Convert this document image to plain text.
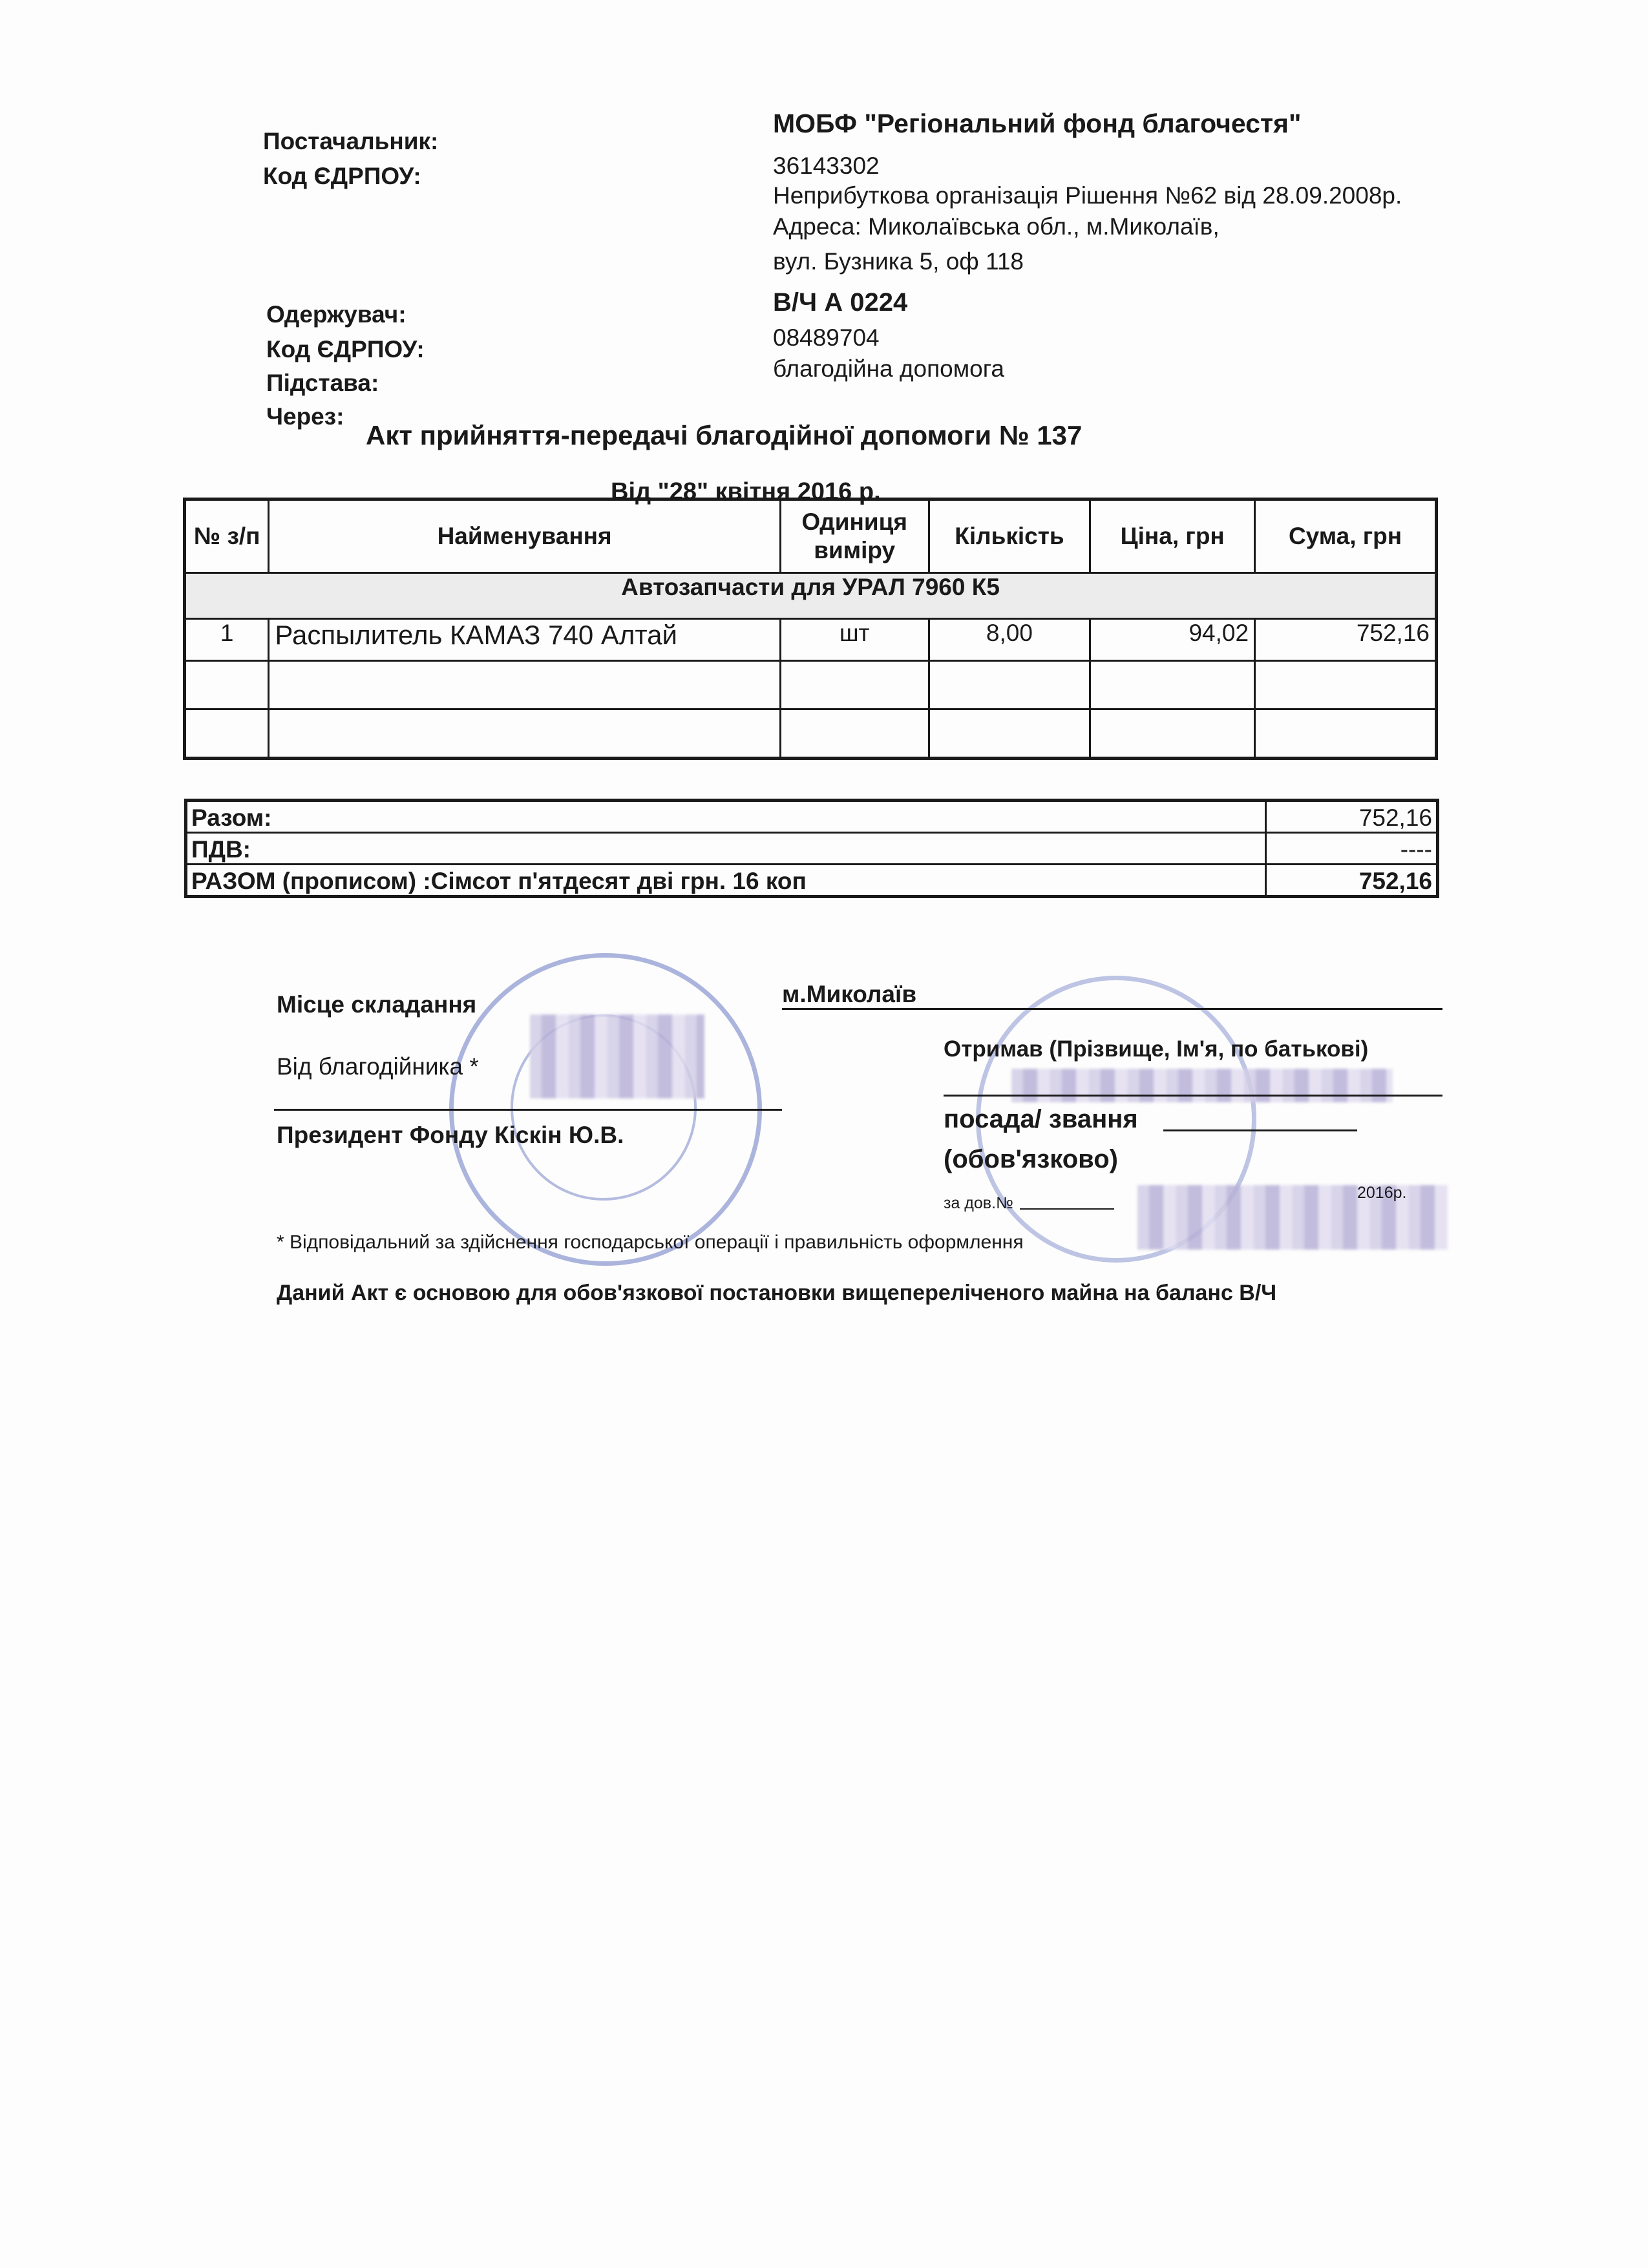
Постачальник:
МОБФ "Регіональний фонд благочестя"
Код ЄДРПОУ:	36143302
Неприбуткова організація Рішення №62 від 28.09.2008р.
Адреса: Миколаївська обл., м.Миколаїв,
вул. Бузника 5, оф 118
Одержувач:	В/Ч А 0224
Код ЄДРПОУ:	08489704
Підстава:
благодійна допомога
Через:
Акт прийняття-передачі благодійної допомоги № 137
Від "28" квітня 2016 р.
№ з/п	Найменування	Одиниця виміру	Кількість	Ціна, грн	Сума, грн
Автозапчасти для УРАЛ 7960 К5					
1	Распылитель КАМАЗ 740 Алтай	шт	8,00	94,02	752,16

Разом:	752,16
ПДВ:	----
РАЗОМ (прописом) :Сімсот п'ятдесят дві грн. 16 коп	752,16
Місце складання	м.Миколаїв
Від благодійника *
Отримав (Прізвище, Ім'я, по батькові)
Президент Фонду Кіскін Ю.В.
посада/ звання
(обов'язково)
за дов.№
2016р.
* Відповідальний за здійснення господарської операції і правильність оформлення
Даний Акт є основою для обов'язкової постановки вищепереліченого майна на баланс В/Ч
